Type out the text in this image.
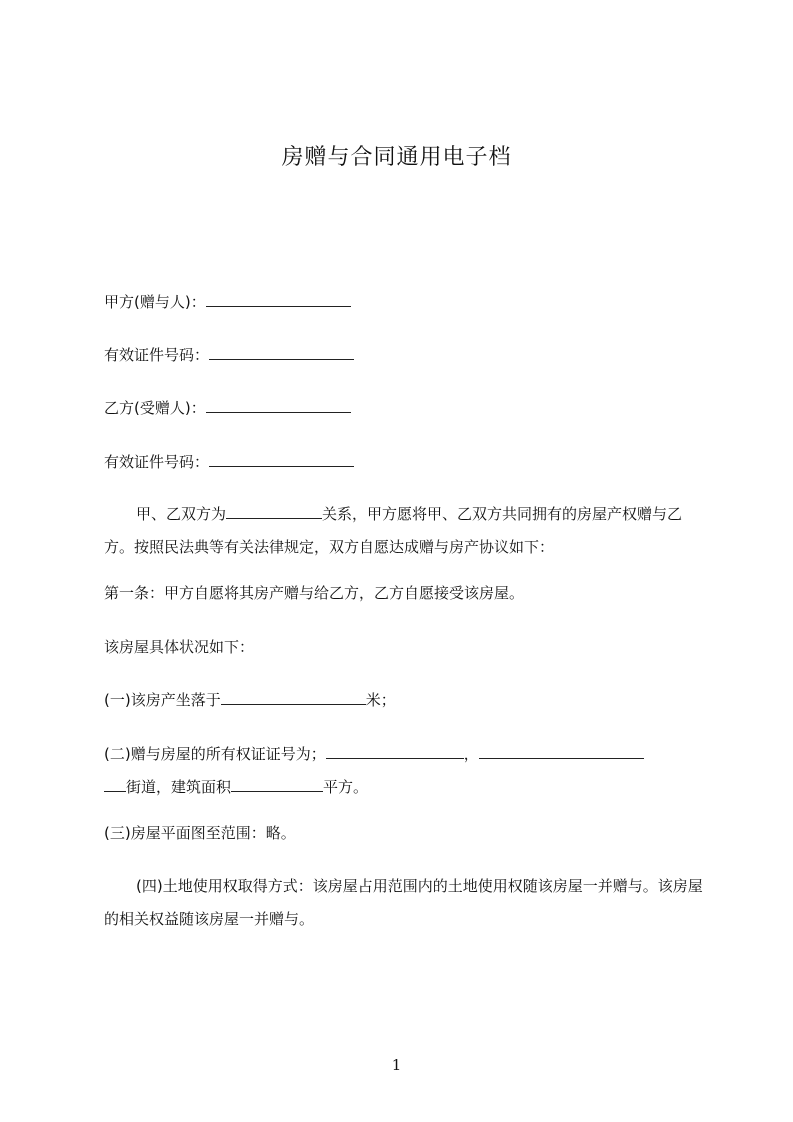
房赠与合同通用电子档
甲方(赠与人)：
有效证件号码：
乙方(受赠人)：
有效证件号码：
甲、乙双方为	关系，甲方愿将甲、乙双方共同拥有的房屋产权赠与乙方。按照民法典等有关法律规定，双方自愿达成赠与房产协议如下：
第一条：甲方自愿将其房产赠与给乙方，乙方自愿接受该房屋。
该房屋具体状况如下：
(一)该房产坐落于	米；
(二)赠与房屋的所有权证证号为；	，
街道，建筑面积	平方。
(三)房屋平面图至范围：略。
(四)土地使用权取得方式：该房屋占用范围内的土地使用权随该房屋一并赠与。该房屋的相关权益随该房屋一并赠与。
1
